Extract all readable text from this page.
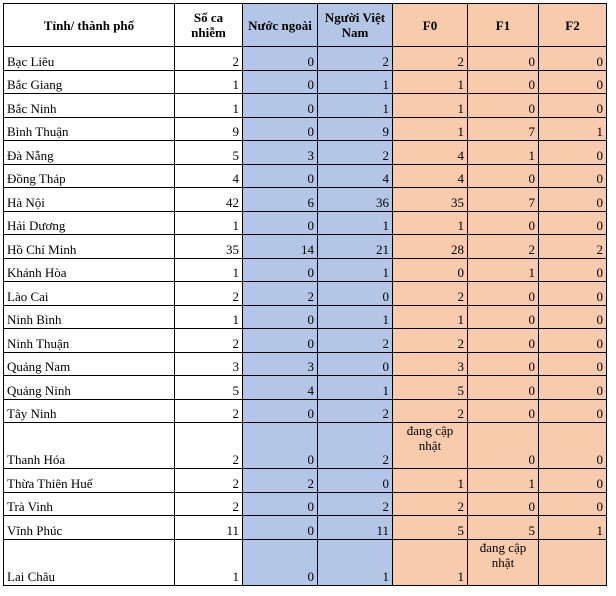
Tỉnh/ thành phố	Số ca nhiễm	Nước ngoài	Người Việt Nam	F0	F1	F2
Bạc Liêu	2	0	2	2	0	0
Bắc Giang	1	0	1	1	0	0
Bắc Ninh	1	0	1	1	0	0
Bình Thuận	9	0	9	1	7	1
Đà Nẵng	5	3	2	4	1	0
Đồng Tháp	4	0	4	4	0	0
Hà Nội	42	6	36	35	7	0
Hải Dương	1	0	1	1	0	0
Hồ Chí Minh	35	14	21	28	2	2
Khánh Hòa	1	0	1	0	1	0
Lào Cai	2	2	0	2	0	0
Ninh Bình	1	0	1	1	0	0
Ninh Thuận	2	0	2	2	0	0
Quảng Nam	3	3	0	3	0	0
Quảng Ninh	5	4	1	5	0	0
Tây Ninh	2	0	2	2	0	0
Thanh Hóa	2	0	2	đang cập nhật	0	0
Thừa Thiên Huế	2	2	0	1	1	0
Trà Vinh	2	0	2	2	0	0
Vĩnh Phúc	11	0	11	5	5	1
Lai Châu	1	0	1	1	đang cập nhật	
